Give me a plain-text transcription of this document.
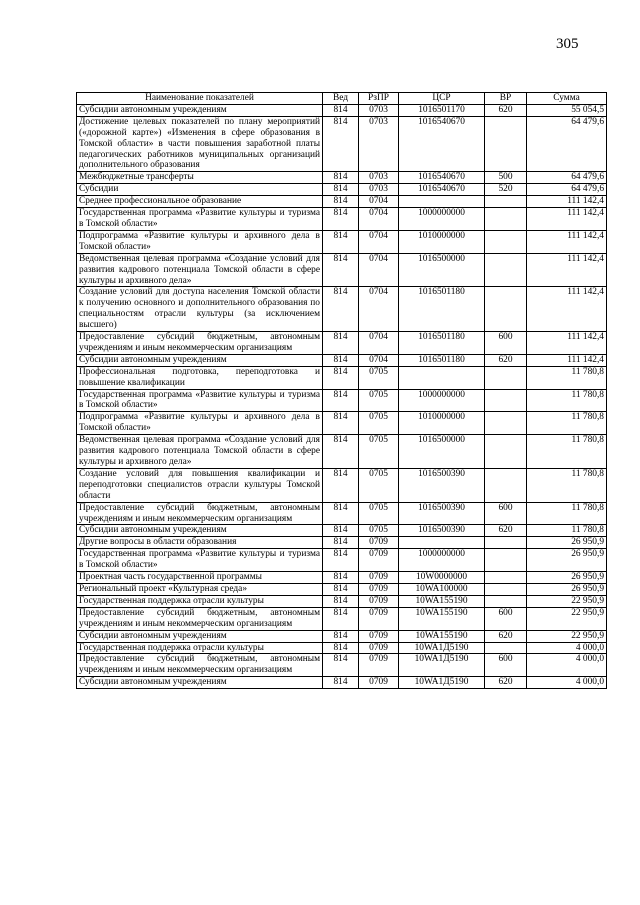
305
Наименование показателей	Вед	РзПР	ЦСР	ВР	Сумма
Субсидии автономным учреждениям	814	0703	1016501170	620	55 054,5
Достижение целевых показателей по плану мероприятий («дорожной карте») «Изменения в сфере образования в Томской области» в части повышения заработной платы педагогических работников муниципальных организаций дополнительного образования	814	0703	1016540670		64 479,6
Межбюджетные трансферты	814	0703	1016540670	500	64 479,6
Субсидии	814	0703	1016540670	520	64 479,6
Среднее профессиональное образование	814	0704			111 142,4
Государственная программа «Развитие культуры и туризма в Томской области»	814	0704	1000000000		111 142,4
Подпрограмма «Развитие культуры и архивного дела в Томской области»	814	0704	1010000000		111 142,4
Ведомственная целевая программа «Создание условий для развития кадрового потенциала Томской области в сфере культуры и архивного дела»	814	0704	1016500000		111 142,4
Создание условий для доступа населения Томской области к получению основного и дополнительного образования по специальностям отрасли культуры (за исключением высшего)	814	0704	1016501180		111 142,4
Предоставление субсидий бюджетным, автономным учреждениям и иным некоммерческим организациям	814	0704	1016501180	600	111 142,4
Субсидии автономным учреждениям	814	0704	1016501180	620	111 142,4
Профессиональная подготовка, переподготовка и повышение квалификации	814	0705			11 780,8
Государственная программа «Развитие культуры и туризма в Томской области»	814	0705	1000000000		11 780,8
Подпрограмма «Развитие культуры и архивного дела в Томской области»	814	0705	1010000000		11 780,8
Ведомственная целевая программа «Создание условий для развития кадрового потенциала Томской области в сфере культуры и архивного дела»	814	0705	1016500000		11 780,8
Создание условий для повышения квалификации и переподготовки специалистов отрасли культуры Томской области	814	0705	1016500390		11 780,8
Предоставление субсидий бюджетным, автономным учреждениям и иным некоммерческим организациям	814	0705	1016500390	600	11 780,8
Субсидии автономным учреждениям	814	0705	1016500390	620	11 780,8
Другие вопросы в области образования	814	0709			26 950,9
Государственная программа «Развитие культуры и туризма в Томской области»	814	0709	1000000000		26 950,9
Проектная часть государственной программы	814	0709	10W0000000		26 950,9
Региональный проект «Культурная среда»	814	0709	10WA100000		26 950,9
Государственная поддержка отрасли культуры	814	0709	10WA155190		22 950,9
Предоставление субсидий бюджетным, автономным учреждениям и иным некоммерческим организациям	814	0709	10WA155190	600	22 950,9
Субсидии автономным учреждениям	814	0709	10WA155190	620	22 950,9
Государственная поддержка отрасли культуры	814	0709	10WA1Д5190		4 000,0
Предоставление субсидий бюджетным, автономным учреждениям и иным некоммерческим организациям	814	0709	10WA1Д5190	600	4 000,0
Субсидии автономным учреждениям	814	0709	10WA1Д5190	620	4 000,0
